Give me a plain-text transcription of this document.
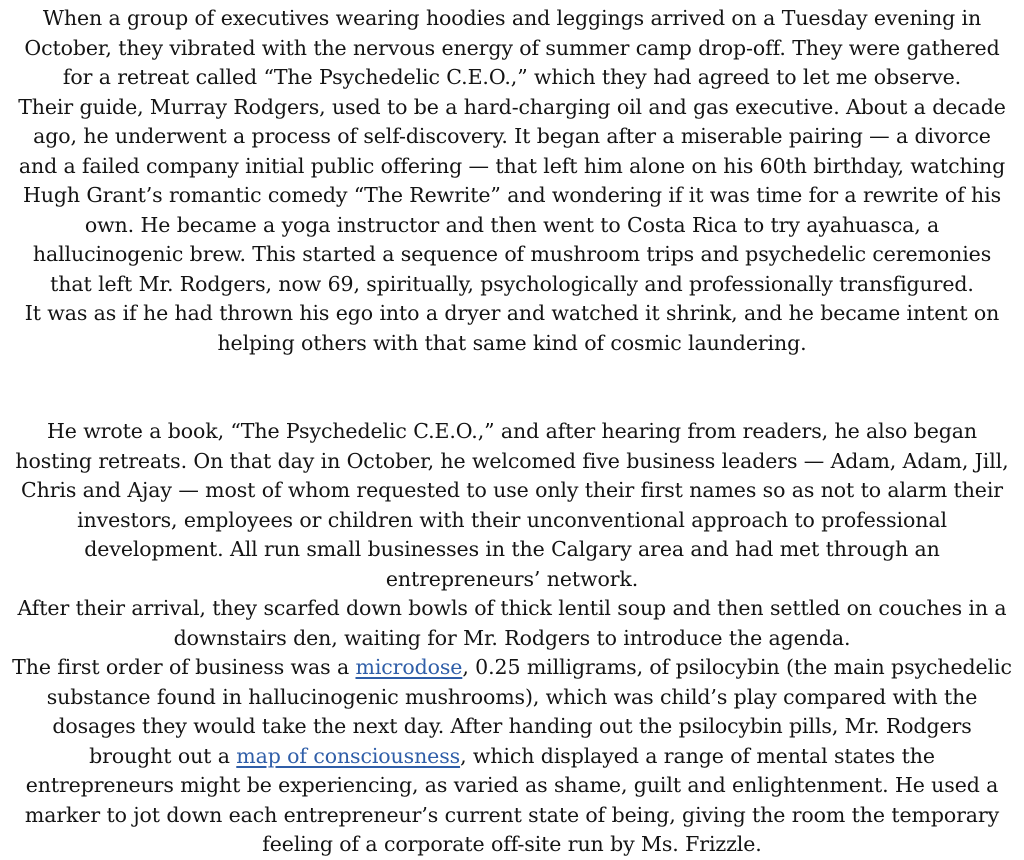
When a group of executives wearing hoodies and leggings arrived on a Tuesday evening in October, they vibrated with the nervous energy of summer camp drop-off. They were gathered for a retreat called “The Psychedelic C.E.O.,” which they had agreed to let me observe.

Their guide, Murray Rodgers, used to be a hard-charging oil and gas executive. About a decade ago, he underwent a process of self-discovery. It began after a miserable pairing — a divorce and a failed company initial public offering — that left him alone on his 60th birthday, watching Hugh Grant’s romantic comedy “The Rewrite” and wondering if it was time for a rewrite of his own. He became a yoga instructor and then went to Costa Rica to try ayahuasca, a hallucinogenic brew. This started a sequence of mushroom trips and psychedelic ceremonies that left Mr. Rodgers, now 69, spiritually, psychologically and professionally transfigured.

It was as if he had thrown his ego into a dryer and watched it shrink, and he became intent on helping others with that same kind of cosmic laundering.

He wrote a book, “The Psychedelic C.E.O.,” and after hearing from readers, he also began hosting retreats. On that day in October, he welcomed five business leaders — Adam, Adam, Jill, Chris and Ajay — most of whom requested to use only their first names so as not to alarm their investors, employees or children with their unconventional approach to professional development. All run small businesses in the Calgary area and had met through an entrepreneurs’ network.

After their arrival, they scarfed down bowls of thick lentil soup and then settled on couches in a downstairs den, waiting for Mr. Rodgers to introduce the agenda.

The first order of business was a microdose, 0.25 milligrams, of psilocybin (the main psychedelic substance found in hallucinogenic mushrooms), which was child’s play compared with the dosages they would take the next day. After handing out the psilocybin pills, Mr. Rodgers brought out a map of consciousness, which displayed a range of mental states the entrepreneurs might be experiencing, as varied as shame, guilt and enlightenment. He used a marker to jot down each entrepreneur’s current state of being, giving the room the temporary feeling of a corporate off-site run by Ms. Frizzle.
